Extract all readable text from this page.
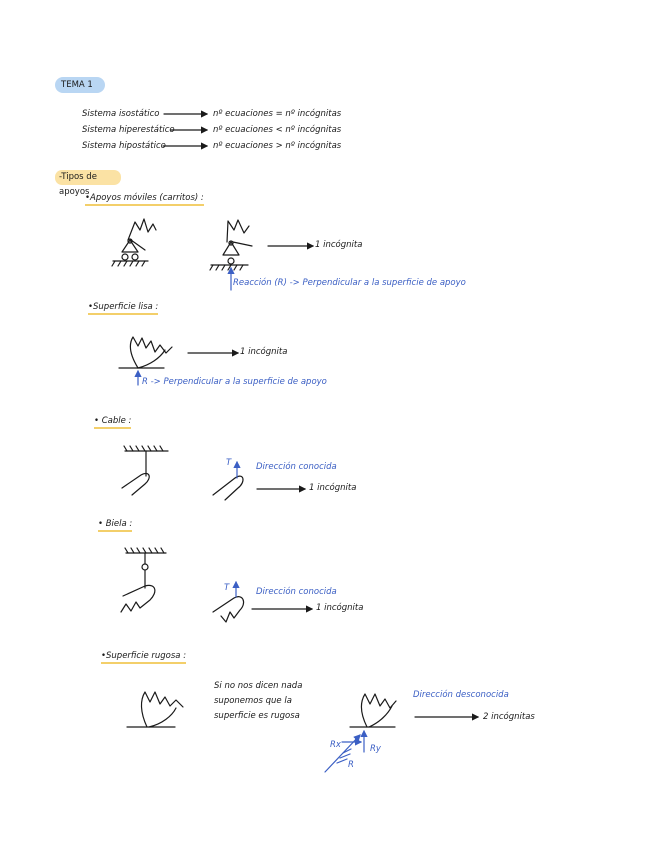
TEMA 1
Sistema isostático	nº ecuaciones = nº incógnitas
Sistema hiperestático	nº ecuaciones < nº incógnitas
Sistema hipostático	nº ecuaciones > nº incógnitas
-Tipos de apoyos
•Apoyos móviles (carritos) :
1 incógnita
Reacción (R) -> Perpendicular a la superficie de apoyo
•Superficie lisa :
1 incógnita
R -> Perpendicular a la superficie de apoyo
• Cable :
T	Dirección conocida
1 incógnita
• Biela :
T	Dirección conocida
1 incógnita
•Superficie rugosa :
Si no nos dicen nada
suponemos que la
superficie es rugosa
Dirección desconocida
2 incógnitas
Rx	Ry
R
